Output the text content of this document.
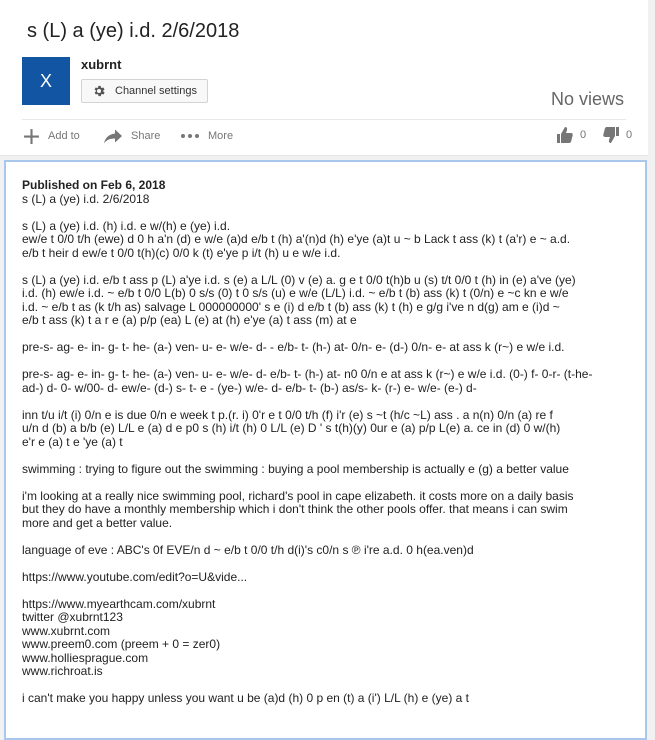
s (L) a (ye) i.d. 2/6/2018
X
xubrnt
Channel settings	No views
Add to	Share	More	0	0
Published on Feb 6, 2018
s (L) a (ye) i.d. 2/6/2018
s (L) a (ye) i.d. (h) i.d. e w/(h) e (ye) i.d.
ew/e t 0/0 t/h (ewe) d 0 h a'n (d) e w/e (a)d e/b t (h) a'(n)d (h) e'ye (a)t u ~ b Lack t ass (k) t (a'r) e ~ a.d.
e/b t heir d ew/e t 0/0 t(h)(c) 0/0 k (t) e'ye p i/t (h) u e w/e i.d.
s (L) a (ye) i.d. e/b t ass p (L) a'ye i.d. s (e) a L/L (0) v (e) a. g e t 0/0 t(h)b u (s) t/t 0/0 t (h) in (e) a've (ye)
i.d. (h) ew/e i.d. ~ e/b t 0/0 L(b) 0 s/s (0) t 0 s/s (u) e w/e (L/L) i.d. ~ e/b t (b) ass (k) t (0/n) e ~c kn e w/e
i.d. ~ e/b t as (k t/h as) salvage L 000000000' s e (i) d e/b t (b) ass (k) t (h) e g/g i've n d(g) am e (i)d ~
e/b t ass (k) t a r e (a) p/p (ea) L (e) at (h) e'ye (a) t ass (m) at e
pre-s- ag- e- in- g- t- he- (a-) ven- u- e- w/e- d- - e/b- t- (h-) at- 0/n- e- (d-) 0/n- e- at ass k (r~) e w/e i.d.
pre-s- ag- e- in- g- t- he- (a-) ven- u- e- w/e- d- e/b- t- (h-) at- n0 0/n e at ass k (r~) e w/e i.d. (0-) f- 0-r- (t-he-
ad-) d- 0- w/00- d- ew/e- (d-) s- t- e - (ye-) w/e- d- e/b- t- (b-) as/s- k- (r-) e- w/e- (e-) d-
inn t/u i/t (i) 0/n e is due 0/n e week t p.(r. i) 0'r e t 0/0 t/h (f) i'r (e) s ~t (h/c ~L) ass . a n(n) 0/n (a) re f
u/n d (b) a b/b (e) L/L e (a) d e p0 s (h) i/t (h) 0 L/L (e) D ' s t(h)(y) 0ur e (a) p/p L(e) a. ce in (d) 0 w/(h)
e'r e (a) t e 'ye (a) t
swimming : trying to figure out the swimming : buying a pool membership is actually e (g) a better value
i'm looking at a really nice swimming pool, richard's pool in cape elizabeth. it costs more on a daily basis
but they do have a monthly membership which i don't think the other pools offer. that means i can swim
more and get a better value.
language of eve : ABC's 0f EVE/n d ~ e/b t 0/0 t/h d(i)'s c0/n s ℗ i're a.d. 0 h(ea.ven)d
https://www.youtube.com/edit?o=U&vide...
https://www.myearthcam.com/xubrnt
twitter @xubrnt123
www.xubrnt.com
www.preem0.com (preem + 0 = zer0)
www.holliesprague.com
www.richroat.is
i can't make you happy unless you want u be (a)d (h) 0 p en (t) a (i') L/L (h) e (ye) a t
